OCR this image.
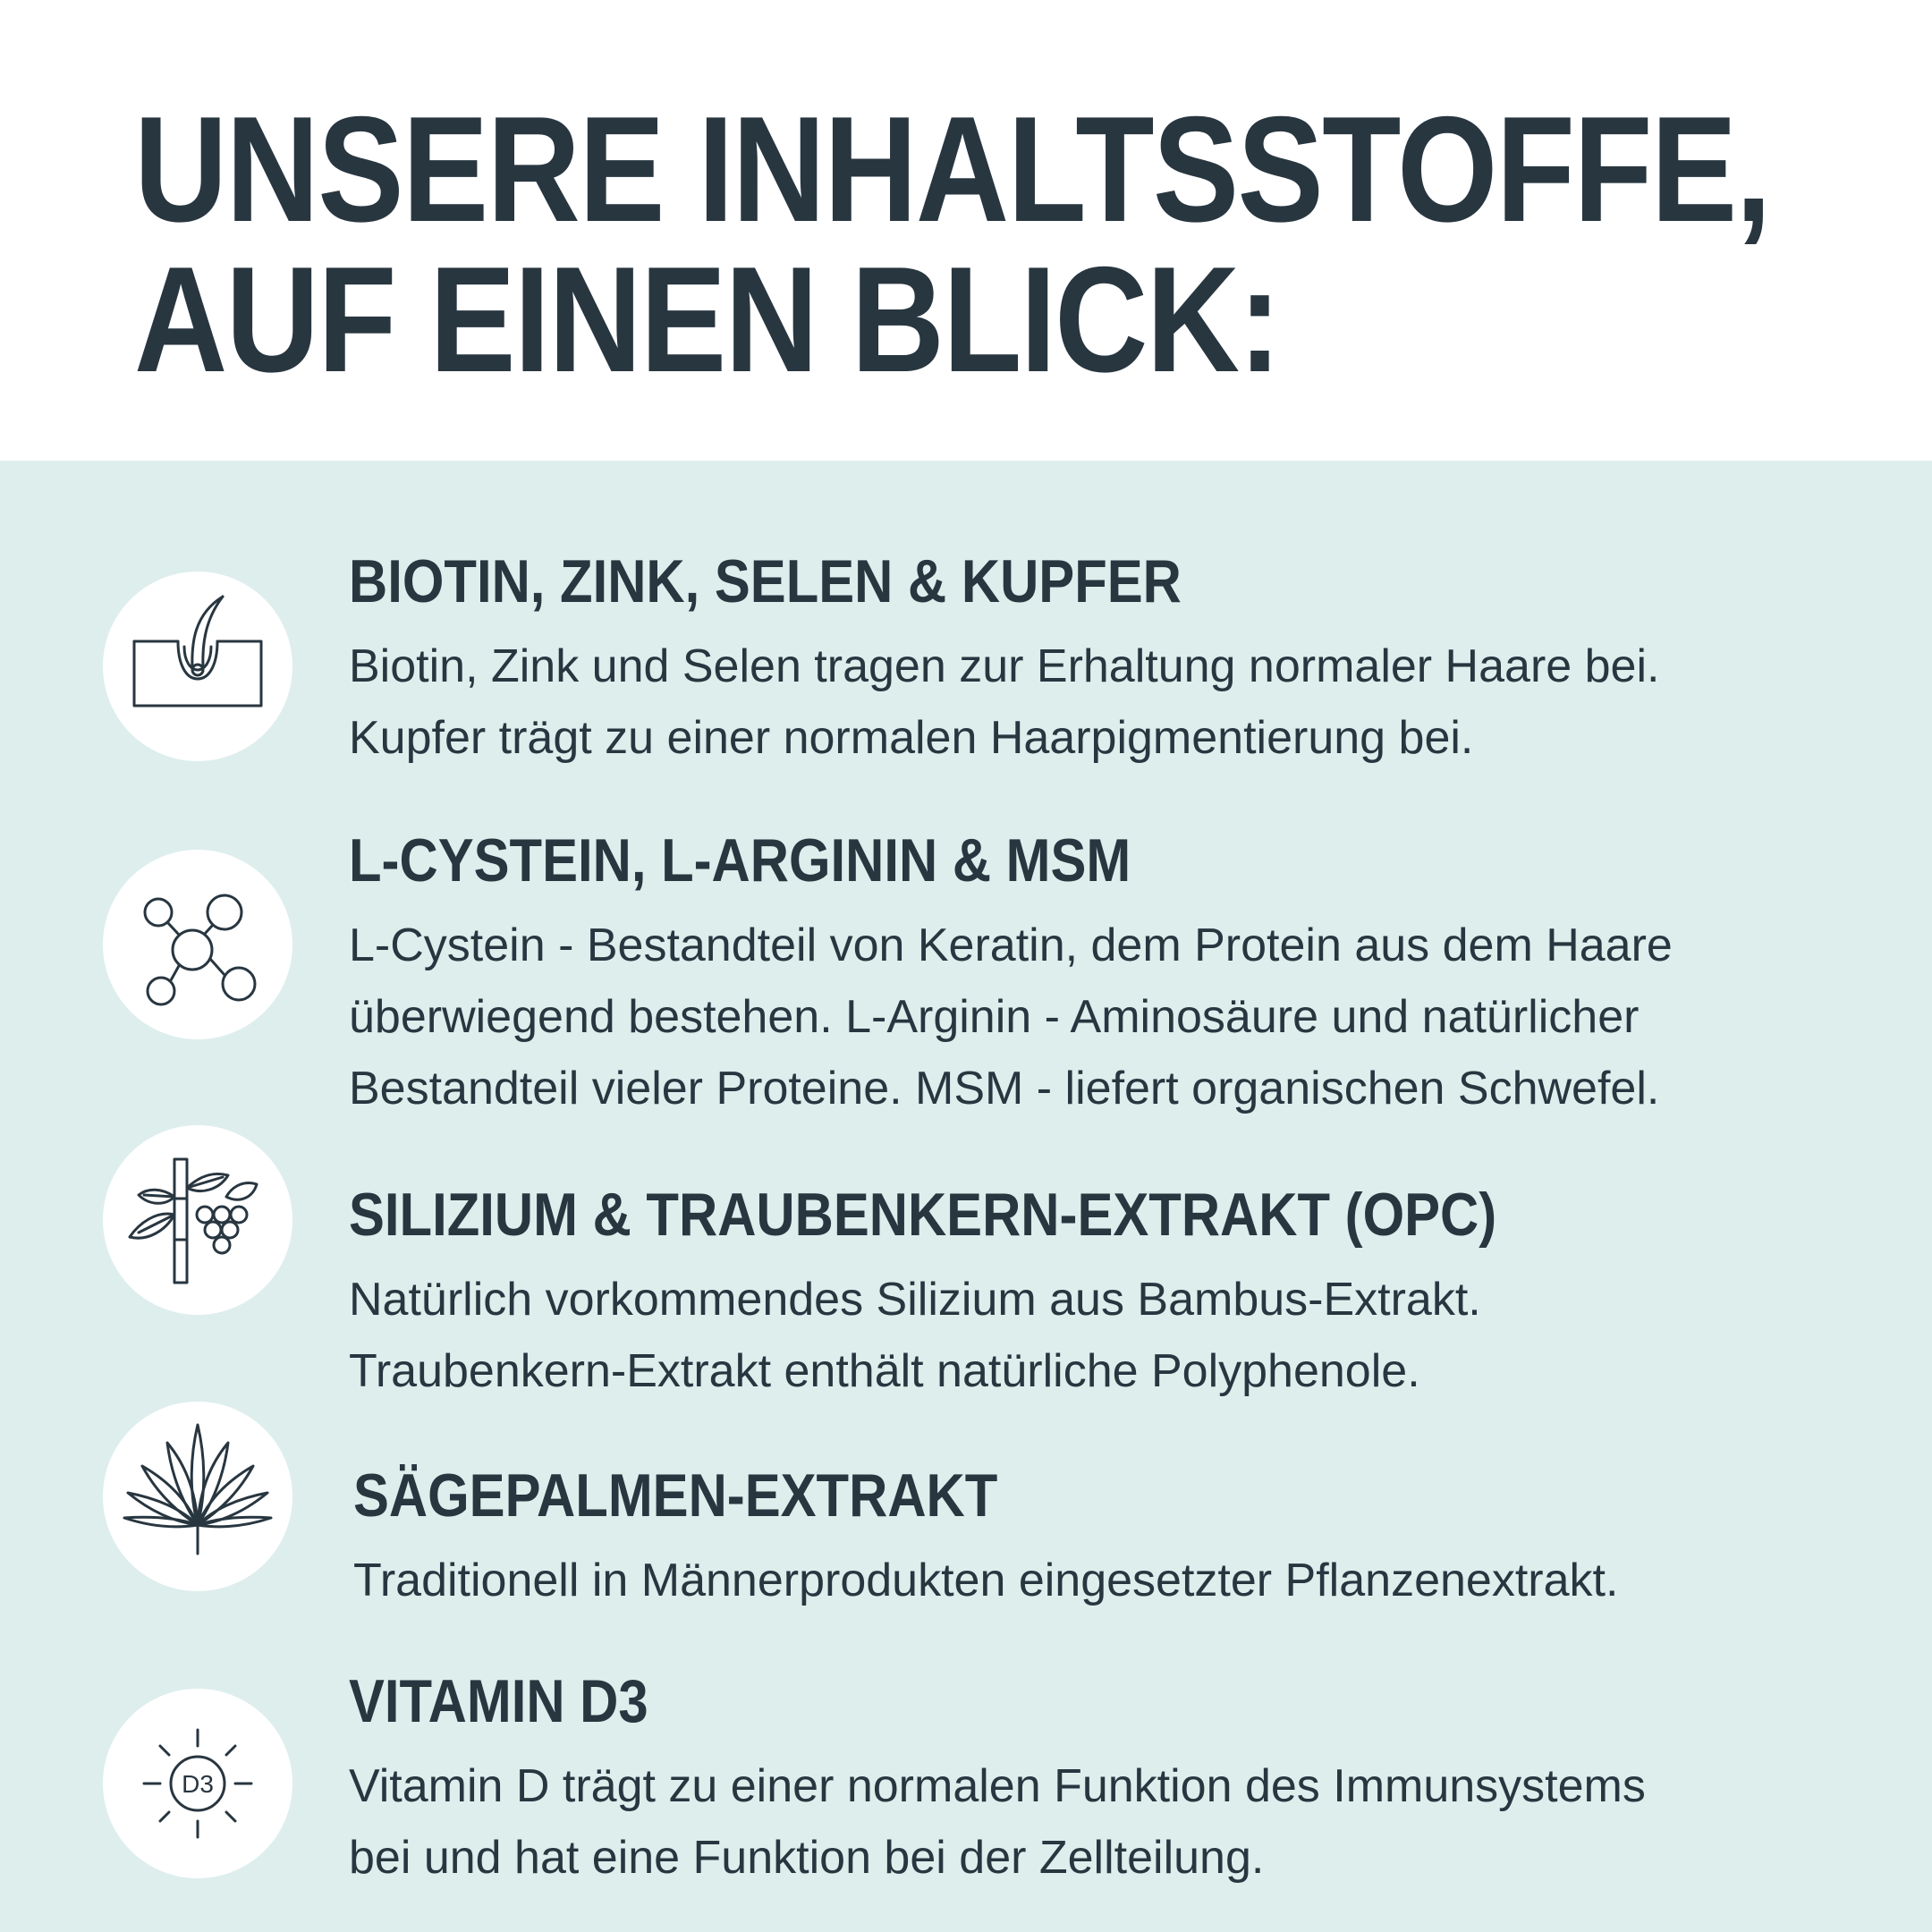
UNSERE INHALTSSTOFFE,
AUF EINEN BLICK:
BIOTIN, ZINK, SELEN & KUPFER

Biotin, Zink und Selen tragen zur Erhaltung normaler Haare bei.
Kupfer trägt zu einer normalen Haarpigmentierung bei.

L-CYSTEIN, L-ARGININ & MSM

L-Cystein - Bestandteil von Keratin, dem Protein aus dem Haare
überwiegend bestehen. L-Arginin - Aminosäure und natürlicher
Bestandteil vieler Proteine. MSM - liefert organischen Schwefel.

SILIZIUM & TRAUBENKERN-EXTRAKT (OPC)

Natürlich vorkommendes Silizium aus Bambus-Extrakt.
Traubenkern-Extrakt enthält natürliche Polyphenole.

SÄGEPALMEN-EXTRAKT

Traditionell in Männerprodukten eingesetzter Pflanzenextrakt.

D3
VITAMIN D3

Vitamin D trägt zu einer normalen Funktion des Immunsystems
bei und hat eine Funktion bei der Zellteilung.
